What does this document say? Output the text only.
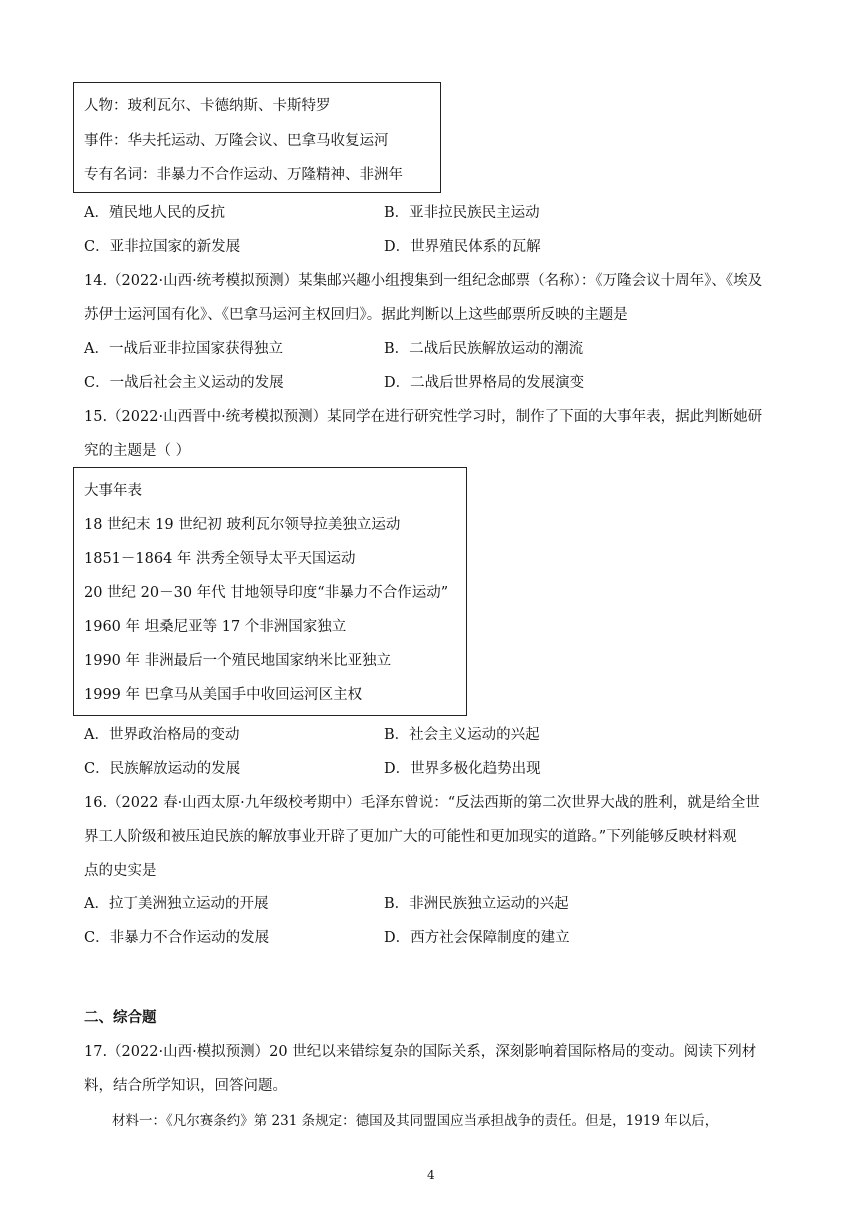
人物：玻利瓦尔、卡德纳斯、卡斯特罗
事件：华夫托运动、万隆会议、巴拿马收复运河
专有名词：非暴力不合作运动、万隆精神、非洲年
A．殖民地人民的反抗	B．亚非拉民族民主运动
C．亚非拉国家的新发展	D．世界殖民体系的瓦解
14.（2022·山西·统考模拟预测）某集邮兴趣小组搜集到一组纪念邮票（名称）：《万隆会议十周年》、《埃及
苏伊士运河国有化》、《巴拿马运河主权回归》。据此判断以上这些邮票所反映的主题是
A．一战后亚非拉国家获得独立	B．二战后民族解放运动的潮流
C．一战后社会主义运动的发展	D．二战后世界格局的发展演变
15.（2022·山西晋中·统考模拟预测）某同学在进行研究性学习时，制作了下面的大事年表，据此判断她研
究的主题是（ ）
大事年表
18 世纪末 19 世纪初 玻利瓦尔领导拉美独立运动
1851－1864 年 洪秀全领导太平天国运动
20 世纪 20－30 年代 甘地领导印度“非暴力不合作运动”
1960 年 坦桑尼亚等 17 个非洲国家独立
1990 年 非洲最后一个殖民地国家纳米比亚独立
1999 年 巴拿马从美国手中收回运河区主权
A．世界政治格局的变动	B．社会主义运动的兴起
C．民族解放运动的发展	D．世界多极化趋势出现
16.（2022 春·山西太原·九年级校考期中）毛泽东曾说：“反法西斯的第二次世界大战的胜利，就是给全世
界工人阶级和被压迫民族的解放事业开辟了更加广大的可能性和更加现实的道路。”下列能够反映材料观
点的史实是
A．拉丁美洲独立运动的开展	B．非洲民族独立运动的兴起
C．非暴力不合作运动的发展	D．西方社会保障制度的建立
二、综合题
17.（2022·山西·模拟预测）20 世纪以来错综复杂的国际关系，深刻影响着国际格局的变动。阅读下列材
料，结合所学知识，回答问题。
材料一：《凡尔赛条约》第 231 条规定：德国及其同盟国应当承担战争的责任。但是，1919 年以后，
4
